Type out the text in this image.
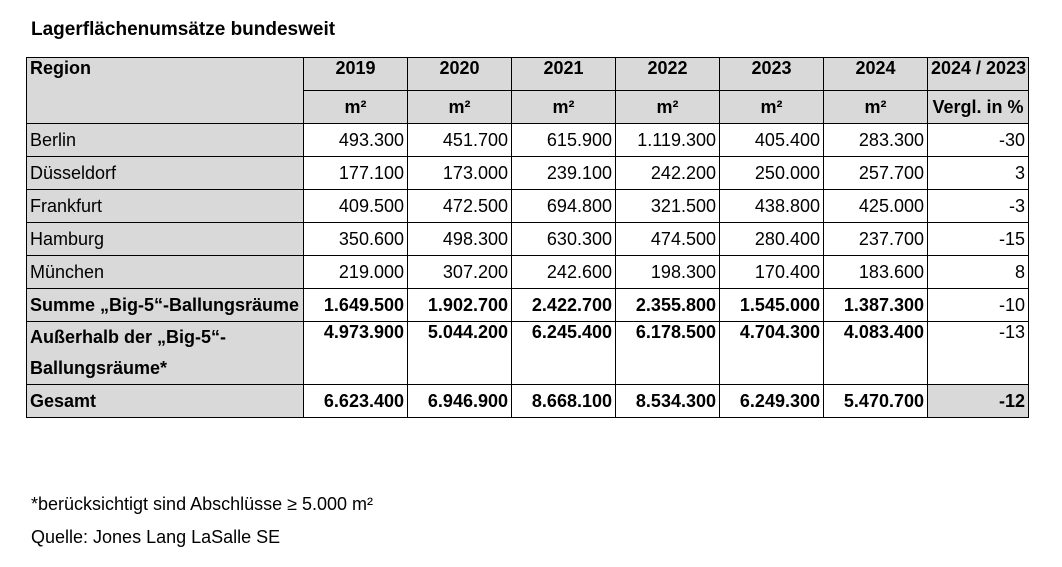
Lagerflächenumsätze bundesweit
Region	2019	2020	2021	2022	2023	2024	2024 / 2023
	m²	m²	m²	m²	m²	m²	Vergl. in %
Berlin	493.300	451.700	615.900	1.119.300	405.400	283.300	-30
Düsseldorf	177.100	173.000	239.100	242.200	250.000	257.700	3
Frankfurt	409.500	472.500	694.800	321.500	438.800	425.000	-3
Hamburg	350.600	498.300	630.300	474.500	280.400	237.700	-15
München	219.000	307.200	242.600	198.300	170.400	183.600	8
Summe „Big-5“-Ballungsräume	1.649.500	1.902.700	2.422.700	2.355.800	1.545.000	1.387.300	-10
Außerhalb der „Big-5“-Ballungsräume*	4.973.900	5.044.200	6.245.400	6.178.500	4.704.300	4.083.400	-13
Gesamt	6.623.400	6.946.900	8.668.100	8.534.300	6.249.300	5.470.700	-12
*berücksichtigt sind Abschlüsse ≥ 5.000 m²
Quelle: Jones Lang LaSalle SE
